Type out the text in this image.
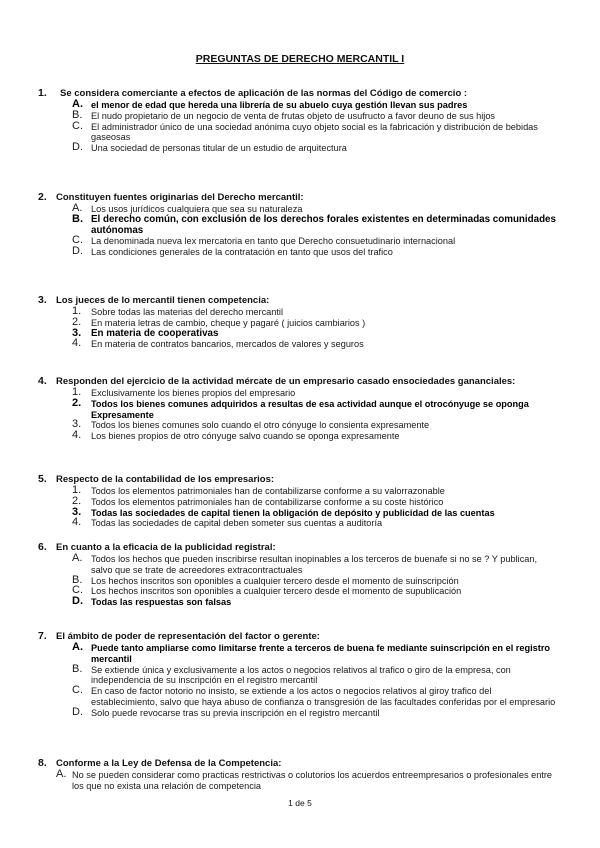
PREGUNTAS DE DERECHO MERCANTIL I
1. Se considera comerciante a efectos de aplicación de las normas del Código de comercio :
A. el menor de edad que hereda una librería de su abuelo cuya gestión llevan sus padres
B. El nudo propietario de un negocio de venta de frutas objeto de usufructo a favor deuno de sus hijos
C. El administrador único de una sociedad anónima cuyo objeto social es la fabricación y distribución de bebidas gaseosas
D. Una sociedad de personas titular de un estudio de arquitectura
2. Constituyen fuentes originarias del Derecho mercantil:
A. Los usos jurídicos cualquiera que sea su naturaleza
B. El derecho común, con exclusión de los derechos forales existentes en determinadas comunidades autónomas
C. La denominada nueva lex mercatoria en tanto que Derecho consuetudinario internacional
D. Las condiciones generales de la contratación en tanto que usos del trafico
3. Los jueces de lo mercantil tienen competencia:
1. Sobre todas las materias del derecho mercantil
2. En materia letras de cambio, cheque y pagaré ( juicios cambiarios )
3. En materia de cooperativas
4. En materia de contratos bancarios, mercados de valores y seguros
4. Responden del ejercicio de la actividad mércate de un empresario casado ensociedades gananciales:
1. Exclusivamente los bienes propios del empresario
2. Todos los bienes comunes adquiridos a resultas de esa actividad aunque el otrocónyuge se oponga Expresamente
3. Todos los bienes comunes solo cuando el otro cónyuge lo consienta expresamente
4. Los bienes propios de otro cónyuge salvo cuando se oponga expresamente
5. Respecto de la contabilidad de los empresarios:
1. Todos los elementos patrimoniales han de contabilizarse conforme a su valorrazonable
2. Todos los elementos patrimoniales han de contabilizarse conforme a su coste histórico
3. Todas las sociedades de capital tienen la obligación de depósito y publicidad de las cuentas
4. Todas las sociedades de capital deben someter sus cuentas a auditoría
6. En cuanto a la eficacia de la publicidad registral:
A. Todos los hechos que pueden inscribirse resultan inopinables a los terceros de buenafe si no se ? Y publican, salvo que se trate de acreedores extracontractuales
B. Los hechos inscritos son oponibles a cualquier tercero desde el momento de suinscripción
C. Los hechos inscritos son oponibles a cualquier tercero desde el momento de supublicación
D. Todas las respuestas son falsas
7. El ámbito de poder de representación del factor o gerente:
A. Puede tanto ampliarse como limitarse frente a terceros de buena fe mediante suinscripción en el registro mercantil
B. Se extiende única y exclusivamente a los actos o negocios relativos al trafico o giro de la empresa, con independencia de su inscripción en el registro mercantil
C. En caso de factor notorio no insisto, se extiende a los actos o negocios relativos al giroy trafico del establecimiento, salvo que haya abuso de confianza o transgresión de las facultades conferidas por el empresario
D. Solo puede revocarse tras su previa inscripción en el registro mercantil
8. Conforme a la Ley de Defensa de la Competencia:
A. No se pueden considerar como practicas restrictivas o colutorios los acuerdos entreempresarios o profesionales entre los que no exista una relación de competencia
1 de 5
